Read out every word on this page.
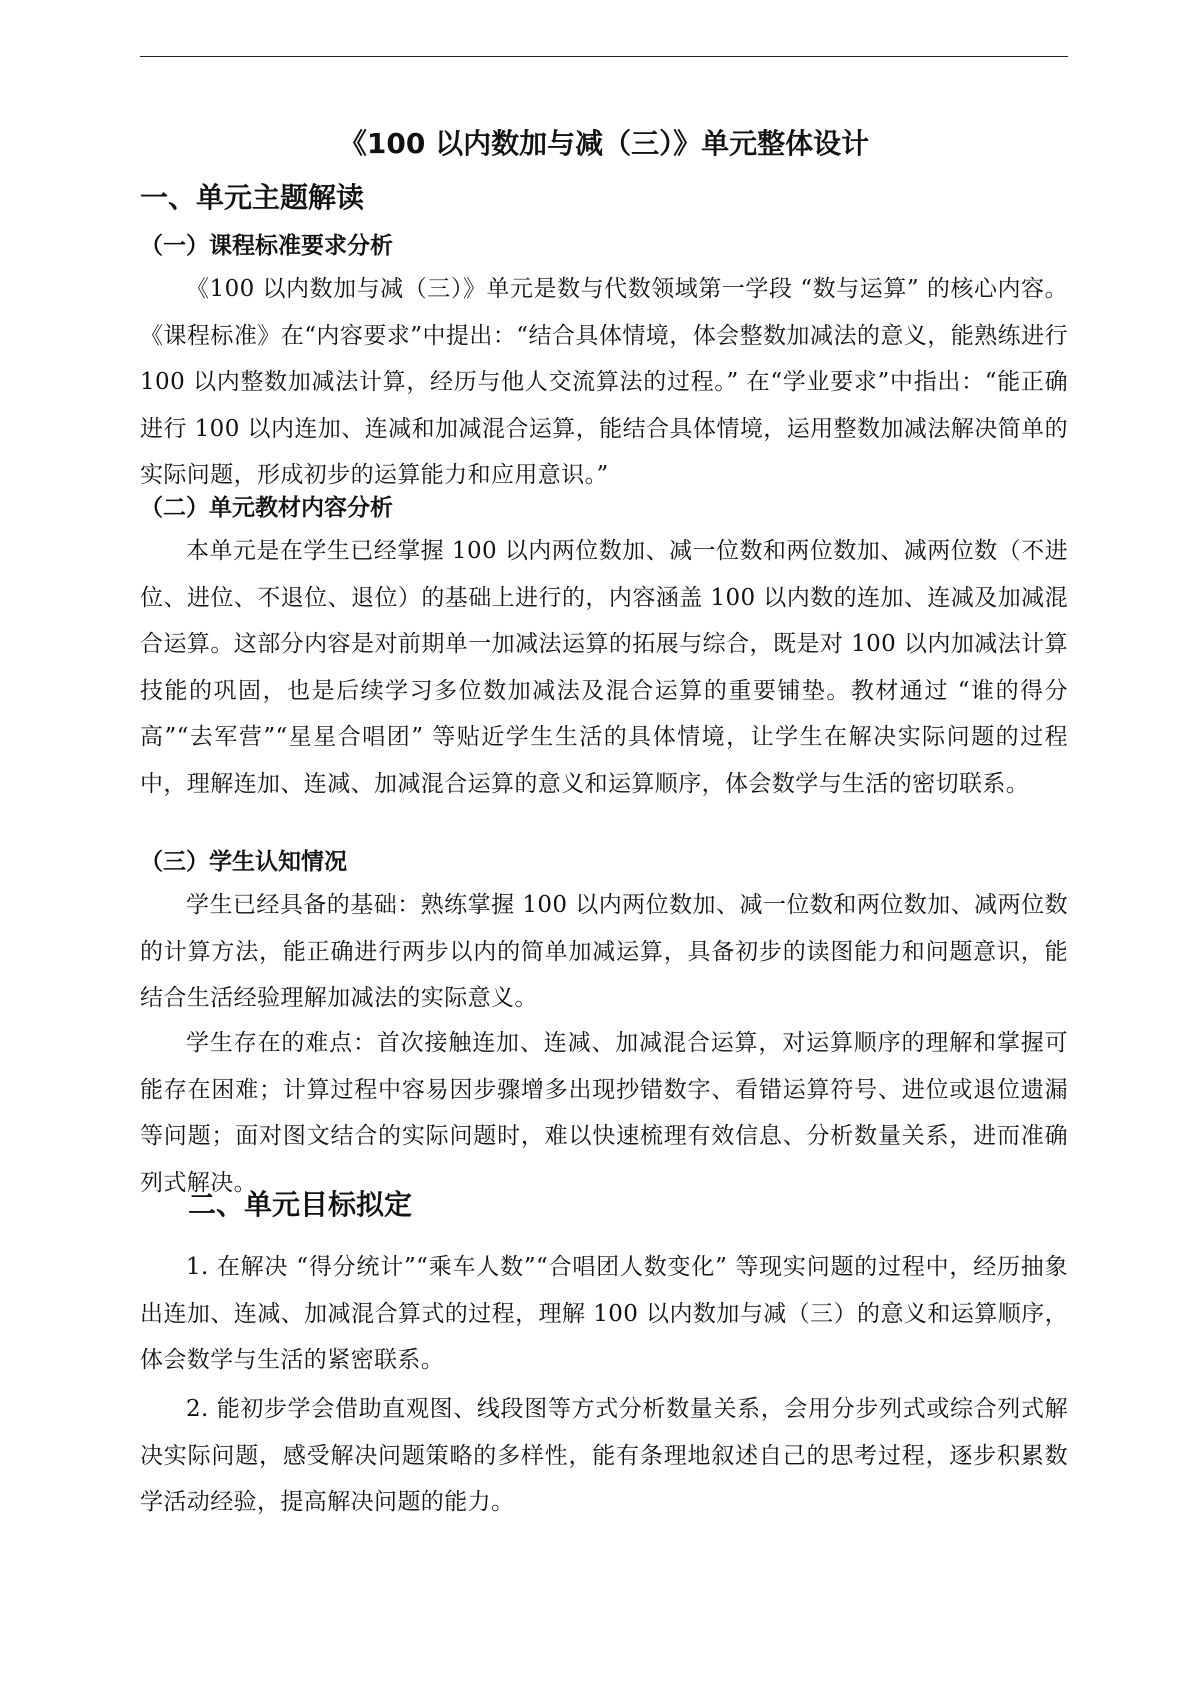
《100 以内数加与减（三）》单元整体设计
一、单元主题解读
（一）课程标准要求分析

《100 以内数加与减（三）》单元是数与代数领域第一学段 “数与运算” 的核心内容。《课程标准》在“内容要求”中提出：“结合具体情境，体会整数加减法的意义，能熟练进行 100 以内整数加减法计算，经历与他人交流算法的过程。” 在“学业要求”中指出：“能正确进行 100 以内连加、连减和加减混合运算，能结合具体情境，运用整数加减法解决简单的实际问题，形成初步的运算能力和应用意识。”

（二）单元教材内容分析

本单元是在学生已经掌握 100 以内两位数加、减一位数和两位数加、减两位数（不进位、进位、不退位、退位）的基础上进行的，内容涵盖 100 以内数的连加、连减及加减混合运算。这部分内容是对前期单一加减法运算的拓展与综合，既是对 100 以内加减法计算技能的巩固，也是后续学习多位数加减法及混合运算的重要铺垫。教材通过 “谁的得分高”“去军营”“星星合唱团” 等贴近学生生活的具体情境，让学生在解决实际问题的过程中，理解连加、连减、加减混合运算的意义和运算顺序，体会数学与生活的密切联系。

（三）学生认知情况

学生已经具备的基础：熟练掌握 100 以内两位数加、减一位数和两位数加、减两位数的计算方法，能正确进行两步以内的简单加减运算，具备初步的读图能力和问题意识，能结合生活经验理解加减法的实际意义。

学生存在的难点：首次接触连加、连减、加减混合运算，对运算顺序的理解和掌握可能存在困难；计算过程中容易因步骤增多出现抄错数字、看错运算符号、进位或退位遗漏等问题；面对图文结合的实际问题时，难以快速梳理有效信息、分析数量关系，进而准确列式解决。

二、单元目标拟定

1. 在解决 “得分统计”“乘车人数”“合唱团人数变化” 等现实问题的过程中，经历抽象出连加、连减、加减混合算式的过程，理解 100 以内数加与减（三）的意义和运算顺序，体会数学与生活的紧密联系。

2. 能初步学会借助直观图、线段图等方式分析数量关系，会用分步列式或综合列式解决实际问题，感受解决问题策略的多样性，能有条理地叙述自己的思考过程，逐步积累数学活动经验，提高解决问题的能力。
